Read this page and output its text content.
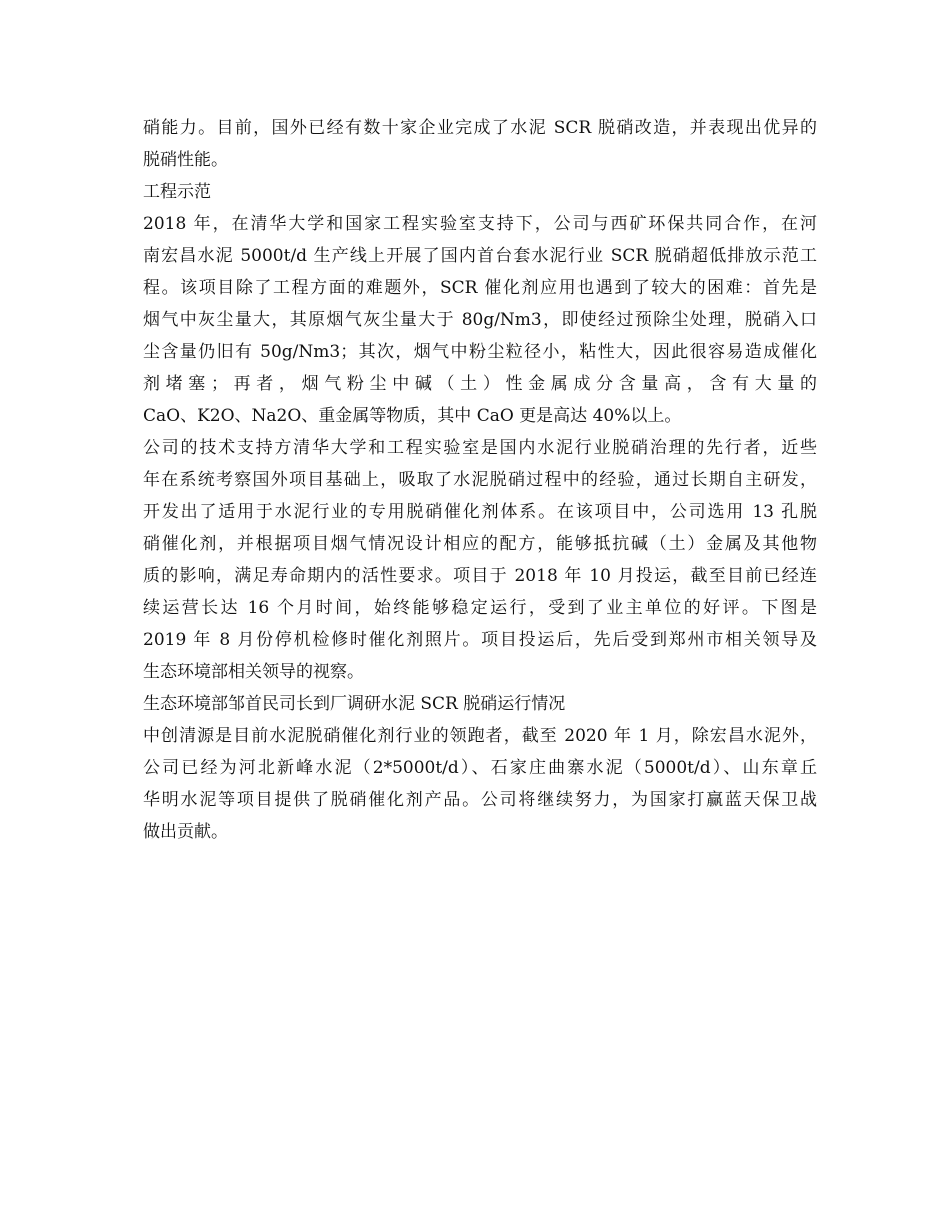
硝能力。目前，国外已经有数十家企业完成了水泥 SCR 脱硝改造，并表现出优异的
脱硝性能。
工程示范
2018 年，在清华大学和国家工程实验室支持下，公司与西矿环保共同合作，在河
南宏昌水泥 5000t/d 生产线上开展了国内首台套水泥行业 SCR 脱硝超低排放示范工
程。该项目除了工程方面的难题外，SCR 催化剂应用也遇到了较大的困难：首先是
烟气中灰尘量大，其原烟气灰尘量大于 80g/Nm3，即使经过预除尘处理，脱硝入口
尘含量仍旧有 50g/Nm3；其次，烟气中粉尘粒径小，粘性大，因此很容易造成催化
剂堵塞；再者，烟气粉尘中碱（土）性金属成分含量高，含有大量的
CaO、K2O、Na2O、重金属等物质，其中 CaO 更是高达 40%以上。
公司的技术支持方清华大学和工程实验室是国内水泥行业脱硝治理的先行者，近些
年在系统考察国外项目基础上，吸取了水泥脱硝过程中的经验，通过长期自主研发，
开发出了适用于水泥行业的专用脱硝催化剂体系。在该项目中，公司选用 13 孔脱
硝催化剂，并根据项目烟气情况设计相应的配方，能够抵抗碱（土）金属及其他物
质的影响，满足寿命期内的活性要求。项目于 2018 年 10 月投运，截至目前已经连
续运营长达 16 个月时间，始终能够稳定运行，受到了业主单位的好评。下图是
2019 年 8 月份停机检修时催化剂照片。项目投运后，先后受到郑州市相关领导及
生态环境部相关领导的视察。
生态环境部邹首民司长到厂调研水泥 SCR 脱硝运行情况
中创清源是目前水泥脱硝催化剂行业的领跑者，截至 2020 年 1 月，除宏昌水泥外，
公司已经为河北新峰水泥（2*5000t/d）、石家庄曲寨水泥（5000t/d）、山东章丘
华明水泥等项目提供了脱硝催化剂产品。公司将继续努力，为国家打赢蓝天保卫战
做出贡献。
